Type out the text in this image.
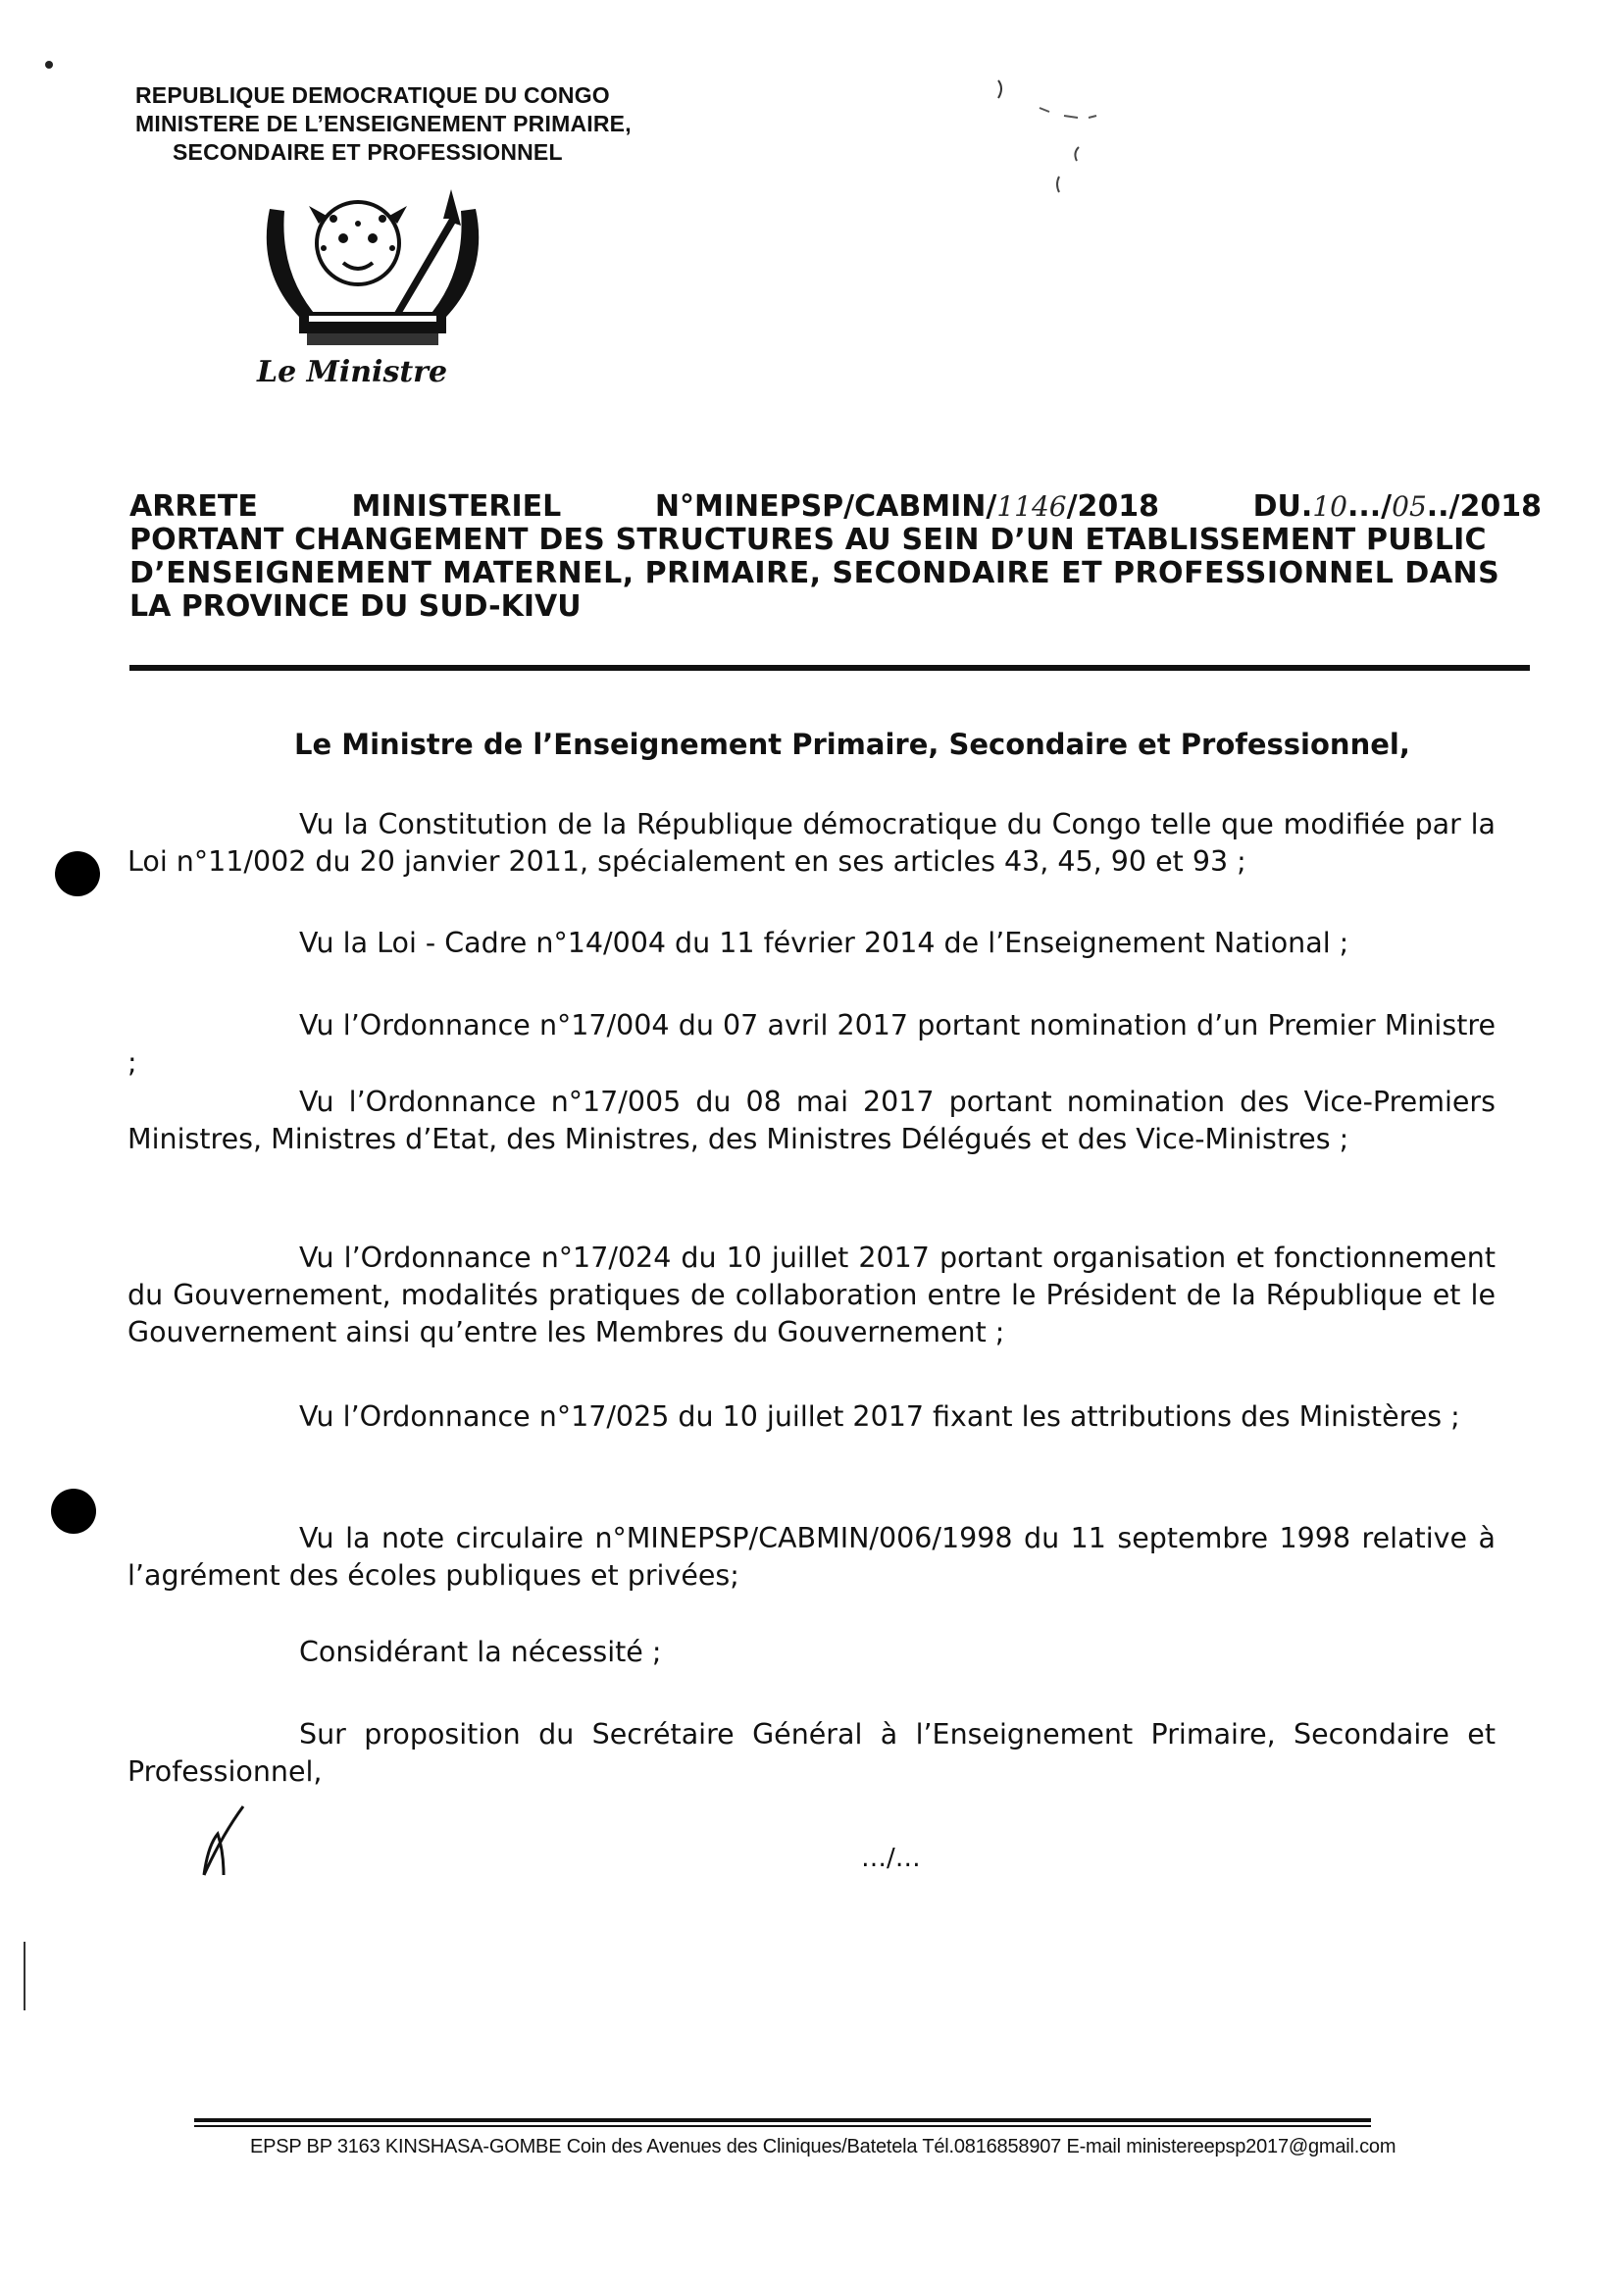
REPUBLIQUE DEMOCRATIQUE DU CONGO
MINISTERE DE L’ENSEIGNEMENT PRIMAIRE,
SECONDAIRE ET PROFESSIONNEL
Le Ministre
ARRETE	MINISTERIEL	N°MINEPSP/CABMIN/1146/2018	DU.10.../05../2018
PORTANT CHANGEMENT DES STRUCTURES AU SEIN D’UN ETABLISSEMENT PUBLIC
D’ENSEIGNEMENT MATERNEL, PRIMAIRE, SECONDAIRE ET PROFESSIONNEL DANS
LA PROVINCE DU SUD-KIVU
Le Ministre de l’Enseignement Primaire, Secondaire et Professionnel,
Vu la Constitution de la République démocratique du Congo telle que modifiée par la Loi n°11/002 du 20 janvier 2011, spécialement en ses articles 43, 45, 90 et 93 ;
Vu la Loi - Cadre n°14/004 du 11 février 2014 de l’Enseignement National ;
Vu l’Ordonnance n°17/004 du 07 avril 2017 portant nomination d’un Premier Ministre ;
Vu l’Ordonnance n°17/005 du 08 mai 2017 portant nomination des Vice-Premiers Ministres, Ministres d’Etat, des Ministres, des Ministres Délégués et des Vice-Ministres ;
Vu l’Ordonnance n°17/024 du 10 juillet 2017 portant organisation et fonctionnement du Gouvernement, modalités pratiques de collaboration entre le Président de la République et le Gouvernement ainsi qu’entre les Membres du Gouvernement ;
Vu l’Ordonnance n°17/025 du 10 juillet 2017 fixant les attributions des Ministères ;
Vu la note circulaire n°MINEPSP/CABMIN/006/1998 du 11 septembre 1998 relative à l’agrément des écoles publiques et privées;
Considérant la nécessité ;
Sur proposition du Secrétaire Général à l’Enseignement Primaire, Secondaire et Professionnel,
…/…
EPSP BP 3163 KINSHASA-GOMBE Coin des Avenues des Cliniques/Batetela Tél.0816858907 E-mail ministereepsp2017@gmail.com
